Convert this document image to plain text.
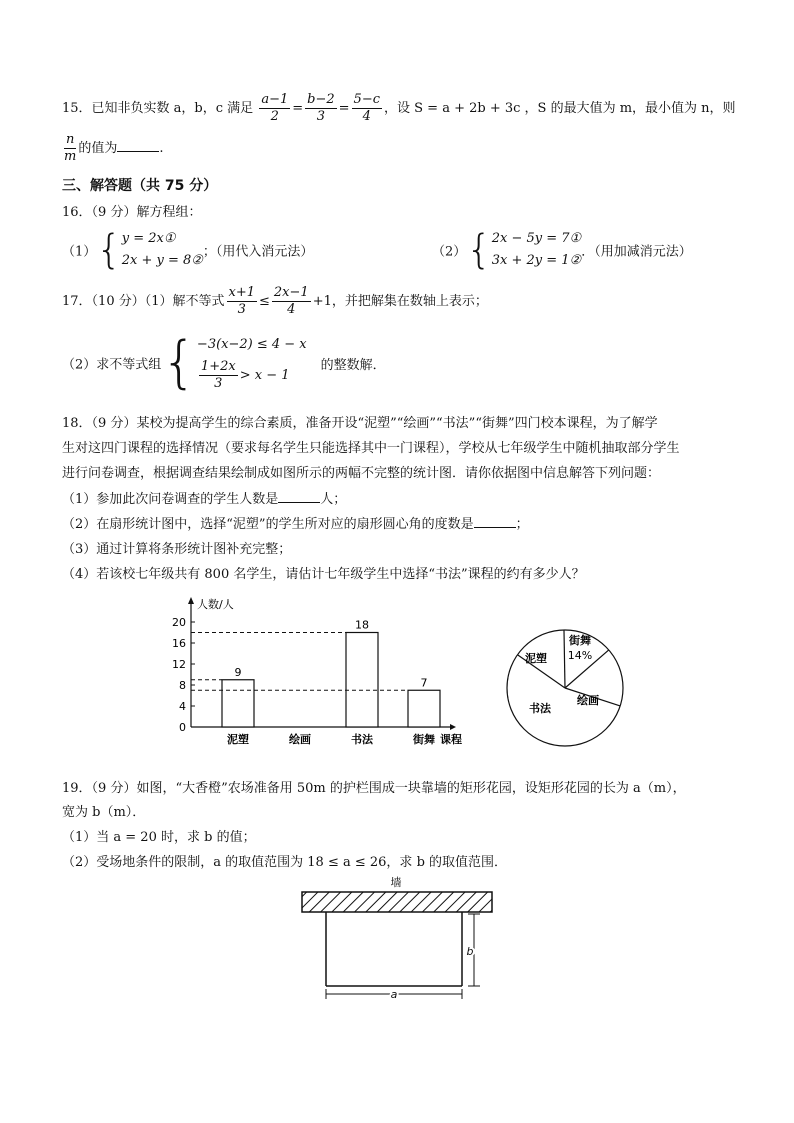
15．已知非负实数 a，b，c 满足 $\frac{a-1}{2} = \frac{b-2}{3} = \frac{5-c}{4}$ ，设 S = a + 2b + 3c ，S 的最大值为 m，最小值为 n，则
$\frac{n}{m}$ 的值为	.
三、解答题（共 75 分）
16．（9 分）解方程组：
（1）{ y = 2x①
2x + y = 8②
；（用代入消元法）	（2）{ 2x − 5y = 7①
3x + 2y = 1②
．（用加减消元法）
17．（10 分）（1）解不等式 $\frac{x+1}{3} \le \frac{2x-1}{4} +1$，并把解集在数轴上表示；
（2）求不等式组{ −3(x−2) ≤ 4 − x
$\frac{1+2x}{3} > x - 1$
的整数解．
18．（9 分）某校为提高学生的综合素质，准备开设“泥塑”“绘画”“书法”“街舞”四门校本课程，为了解学
生对这四门课程的选择情况（要求每名学生只能选择其中一门课程），学校从七年级学生中随机抽取部分学生
进行问卷调查，根据调查结果绘制成如图所示的两幅不完整的统计图．请你依据图中信息解答下列问题：
（1）参加此次问卷调查的学生人数是	人；
（2）在扇形统计图中，选择“泥塑”的学生所对应的扇形圆心角的度数是	；
（3）通过计算将条形统计图补充完整；
（4）若该校七年级共有 800 名学生，请估计七年级学生中选择“书法”课程的约有多少人？
人数/人
课程
0
4
8
12
16
20
泥塑
9
绘画	书法
18
街舞
7
泥塑
街舞
14%
绘画
书法
19．（9 分）如图，“大香橙”农场准备用 50m 的护栏围成一块靠墙的矩形花园，设矩形花园的长为 a（m），
宽为 b（m）．
（1）当 a = 20 时，求 b 的值；
（2）受场地条件的限制，a 的取值范围为 18 ≤ a ≤ 26，求 b 的取值范围．
墙
b
a
